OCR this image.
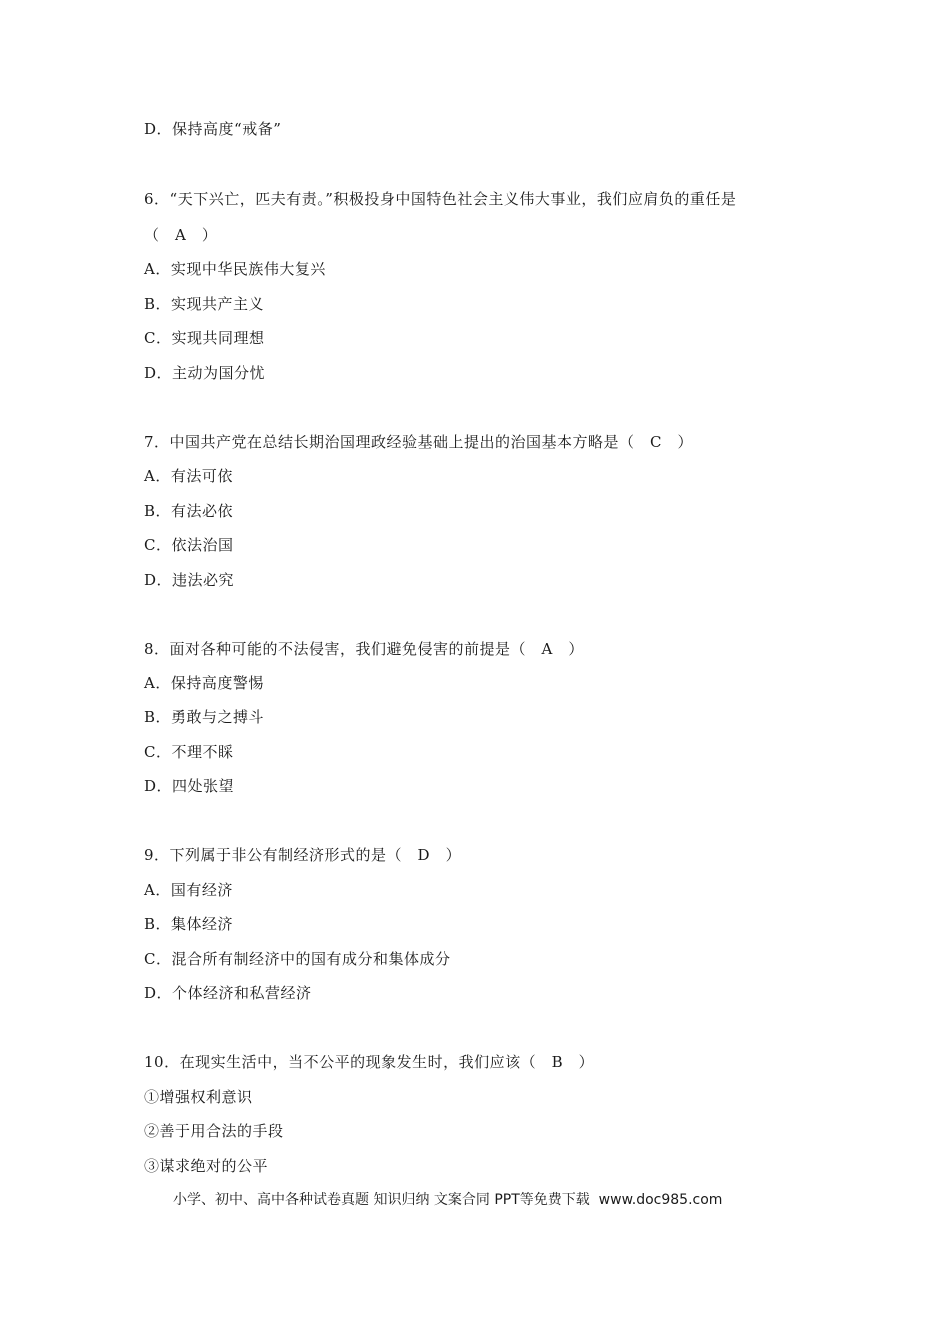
D．保持高度“戒备”
6．“天下兴亡，匹夫有责。”积极投身中国特色社会主义伟大事业，我们应肩负的重任是
（　A　）
A．实现中华民族伟大复兴
B．实现共产主义
C．实现共同理想
D．主动为国分忧
7．中国共产党在总结长期治国理政经验基础上提出的治国基本方略是（　C　）
A．有法可依
B．有法必依
C．依法治国
D．违法必究
8．面对各种可能的不法侵害，我们避免侵害的前提是（　A　）
A．保持高度警惕
B．勇敢与之搏斗
C．不理不睬
D．四处张望
9．下列属于非公有制经济形式的是（　D　）
A．国有经济
B．集体经济
C．混合所有制经济中的国有成分和集体成分
D．个体经济和私营经济
10．在现实生活中，当不公平的现象发生时，我们应该（　B　）
①增强权利意识
②善于用合法的手段
③谋求绝对的公平
小学、初中、高中各种试卷真题 知识归纳 文案合同 PPT等免费下载  www.doc985.com
